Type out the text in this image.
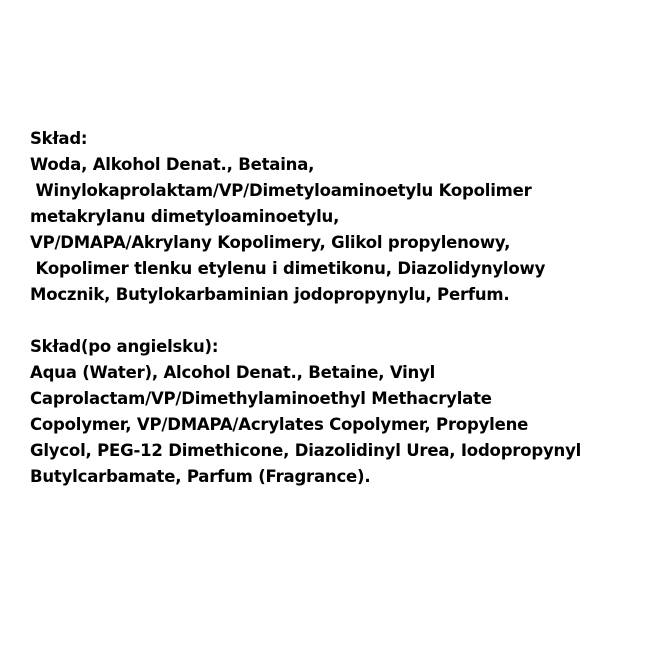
Skład:
Woda, Alkohol Denat., Betaina,
Winylokaprolaktam/VP/Dimetyloaminoetylu Kopolimer
metakrylanu dimetyloaminoetylu,
VP/DMAPA/Akrylany Kopolimery, Glikol propylenowy,
Kopolimer tlenku etylenu i dimetikonu, Diazolidynylowy
Mocznik, Butylokarbaminian jodopropynylu, Perfum.
Skład(po angielsku):
Aqua (Water), Alcohol Denat., Betaine, Vinyl
Caprolactam/VP/Dimethylaminoethyl Methacrylate
Copolymer, VP/DMAPA/Acrylates Copolymer, Propylene
Glycol, PEG-12 Dimethicone, Diazolidinyl Urea, Iodopropynyl
Butylcarbamate, Parfum (Fragrance).
